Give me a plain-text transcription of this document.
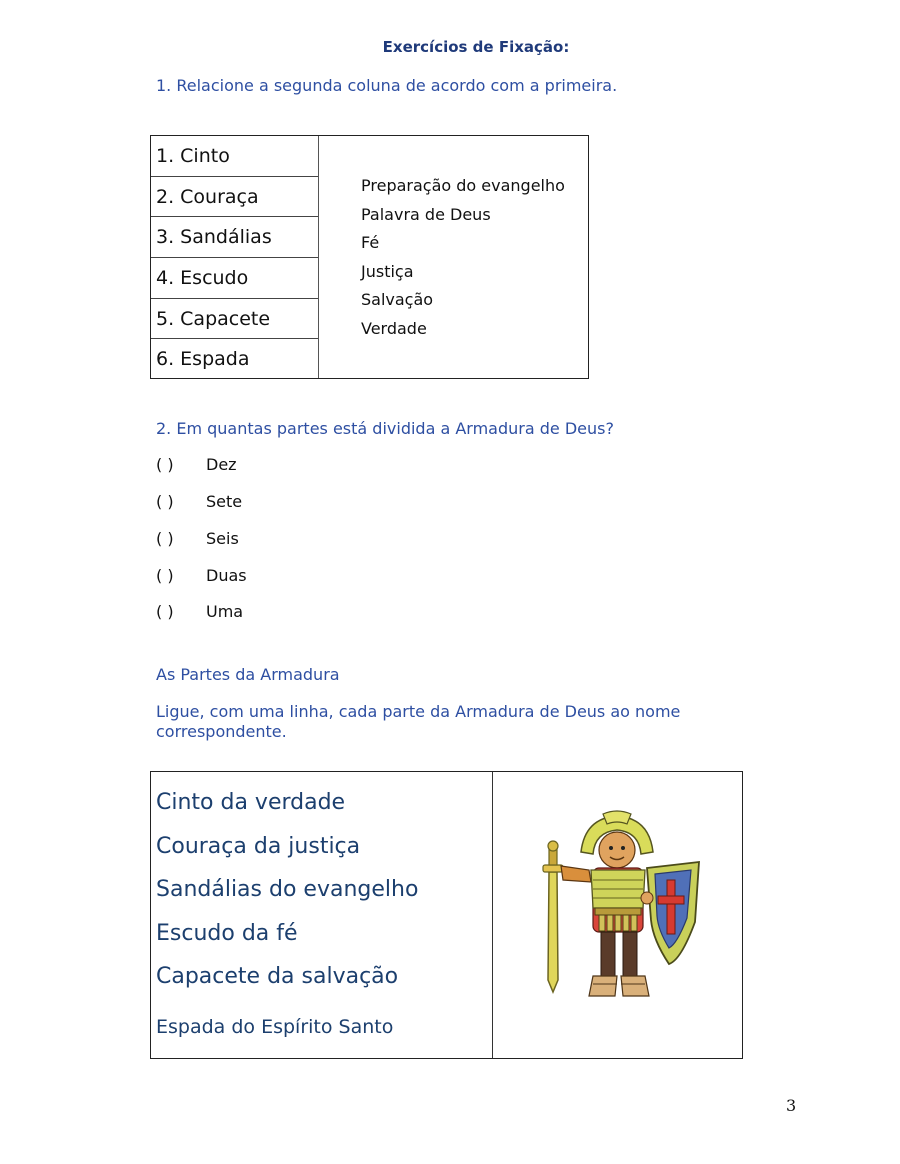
Exercícios de Fixação:
1. Relacione a segunda coluna de acordo com a primeira.
1. Cinto
2. Couraça
3. Sandálias
4. Escudo
5. Capacete
6. Espada
Preparação do evangelho
Palavra de Deus
Fé
Justiça
Salvação
Verdade
2. Em quantas partes está dividida a Armadura de Deus?
( ) Dez
( ) Sete
( ) Seis
( ) Duas
( ) Uma
As Partes da Armadura
Ligue, com uma linha, cada parte da Armadura de Deus ao nome correspondente.
Cinto da verdade
Couraça da justiça
Sandálias do evangelho
Escudo da fé
Capacete da salvação
Espada do Espírito Santo
3
